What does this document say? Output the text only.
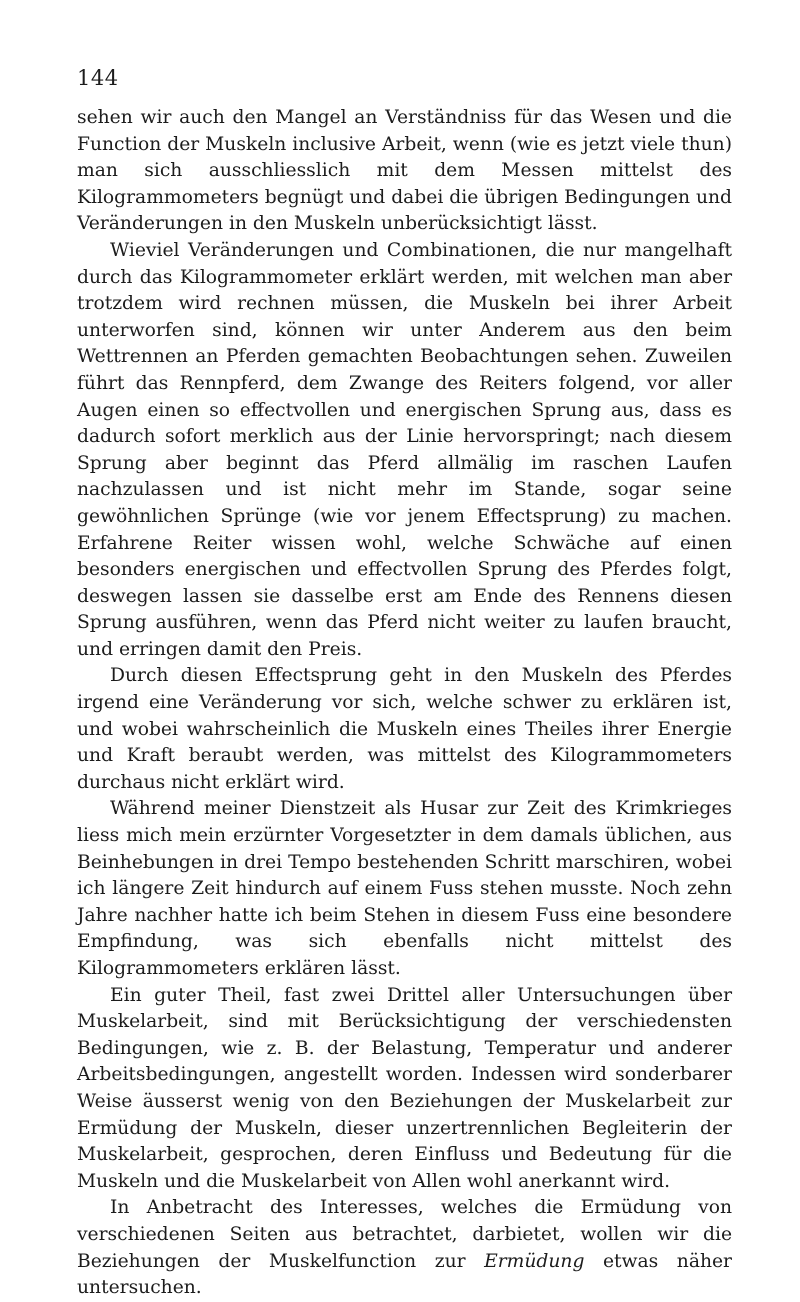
144

sehen wir auch den Mangel an Verständniss für das Wesen und die Function der Muskeln inclusive Arbeit, wenn (wie es jetzt viele thun) man sich ausschliesslich mit dem Messen mittelst des Kilogrammometers begnügt und dabei die übrigen Bedingungen und Veränderungen in den Muskeln unberücksichtigt lässt.

Wieviel Veränderungen und Combinationen, die nur mangelhaft durch das Kilogrammometer erklärt werden, mit welchen man aber trotzdem wird rechnen müssen, die Muskeln bei ihrer Arbeit unterworfen sind, können wir unter Anderem aus den beim Wettrennen an Pferden gemachten Beobachtungen sehen. Zuweilen führt das Rennpferd, dem Zwange des Reiters folgend, vor aller Augen einen so effectvollen und energischen Sprung aus, dass es dadurch sofort merklich aus der Linie hervorspringt; nach diesem Sprung aber beginnt das Pferd allmälig im raschen Laufen nachzulassen und ist nicht mehr im Stande, sogar seine gewöhnlichen Sprünge (wie vor jenem Effectsprung) zu machen. Erfahrene Reiter wissen wohl, welche Schwäche auf einen besonders energischen und effectvollen Sprung des Pferdes folgt, deswegen lassen sie dasselbe erst am Ende des Rennens diesen Sprung ausführen, wenn das Pferd nicht weiter zu laufen braucht, und erringen damit den Preis.

Durch diesen Effectsprung geht in den Muskeln des Pferdes irgend eine Veränderung vor sich, welche schwer zu erklären ist, und wobei wahrscheinlich die Muskeln eines Theiles ihrer Energie und Kraft beraubt werden, was mittelst des Kilogrammometers durchaus nicht erklärt wird.

Während meiner Dienstzeit als Husar zur Zeit des Krimkrieges liess mich mein erzürnter Vorgesetzter in dem damals üblichen, aus Beinhebungen in drei Tempo bestehenden Schritt marschiren, wobei ich längere Zeit hindurch auf einem Fuss stehen musste. Noch zehn Jahre nachher hatte ich beim Stehen in diesem Fuss eine besondere Empfindung, was sich ebenfalls nicht mittelst des Kilogrammometers erklären lässt.

Ein guter Theil, fast zwei Drittel aller Untersuchungen über Muskelarbeit, sind mit Berücksichtigung der verschiedensten Bedingungen, wie z. B. der Belastung, Temperatur und anderer Arbeitsbedingungen, angestellt worden. Indessen wird sonderbarer Weise äusserst wenig von den Beziehungen der Muskelarbeit zur Ermüdung der Muskeln, dieser unzertrennlichen Begleiterin der Muskelarbeit, gesprochen, deren Einfluss und Bedeutung für die Muskeln und die Muskelarbeit von Allen wohl anerkannt wird.

In Anbetracht des Interesses, welches die Ermüdung von verschiedenen Seiten aus betrachtet, darbietet, wollen wir die Beziehungen der Muskelfunction zur Ermüdung etwas näher untersuchen.
